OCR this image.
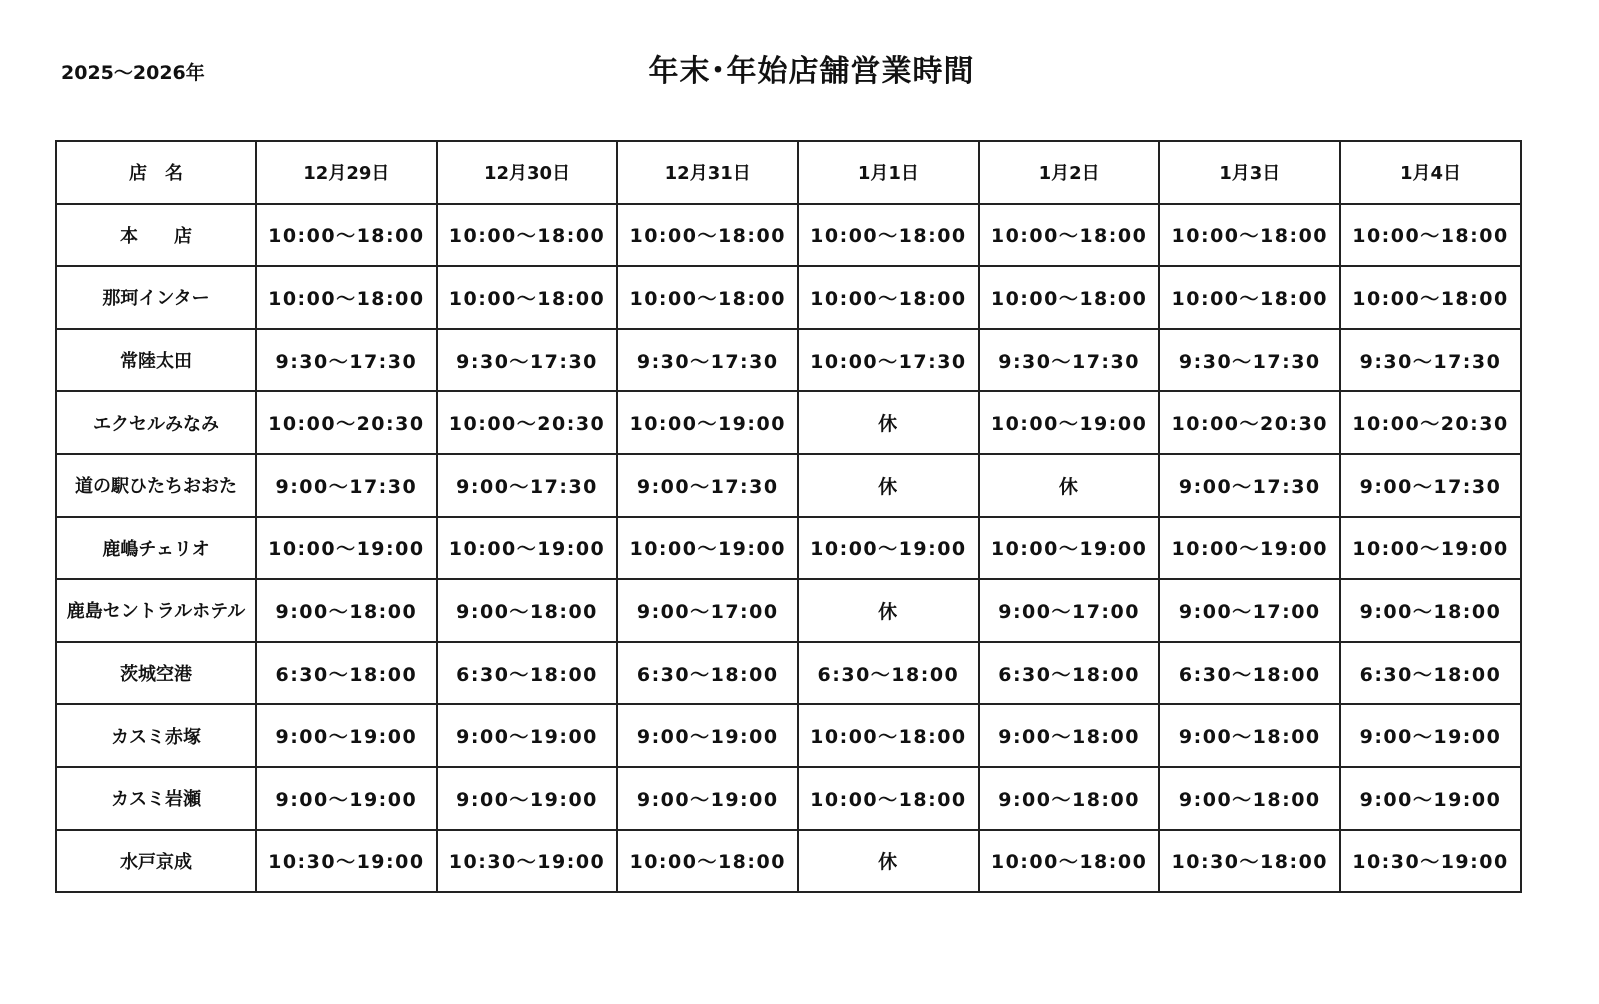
2025～2026年	年末･年始店舗営業時間
店　名	12月29日	12月30日	12月31日	1月1日	1月2日	1月3日	1月4日
本　　店	10:00～18:00	10:00～18:00	10:00～18:00	10:00～18:00	10:00～18:00	10:00～18:00	10:00～18:00
那珂インター	10:00～18:00	10:00～18:00	10:00～18:00	10:00～18:00	10:00～18:00	10:00～18:00	10:00～18:00
常陸太田	9:30～17:30	9:30～17:30	9:30～17:30	10:00～17:30	9:30～17:30	9:30～17:30	9:30～17:30
エクセルみなみ	10:00～20:30	10:00～20:30	10:00～19:00	休	10:00～19:00	10:00～20:30	10:00～20:30
道の駅ひたちおおた	9:00～17:30	9:00～17:30	9:00～17:30	休	休	9:00～17:30	9:00～17:30
鹿嶋チェリオ	10:00～19:00	10:00～19:00	10:00～19:00	10:00～19:00	10:00～19:00	10:00～19:00	10:00～19:00
鹿島セントラルホテル	9:00～18:00	9:00～18:00	9:00～17:00	休	9:00～17:00	9:00～17:00	9:00～18:00
茨城空港	6:30～18:00	6:30～18:00	6:30～18:00	6:30～18:00	6:30～18:00	6:30～18:00	6:30～18:00
カスミ赤塚	9:00～19:00	9:00～19:00	9:00～19:00	10:00～18:00	9:00～18:00	9:00～18:00	9:00～19:00
カスミ岩瀬	9:00～19:00	9:00～19:00	9:00～19:00	10:00～18:00	9:00～18:00	9:00～18:00	9:00～19:00
水戸京成	10:30～19:00	10:30～19:00	10:00～18:00	休	10:00～18:00	10:30～18:00	10:30～19:00
